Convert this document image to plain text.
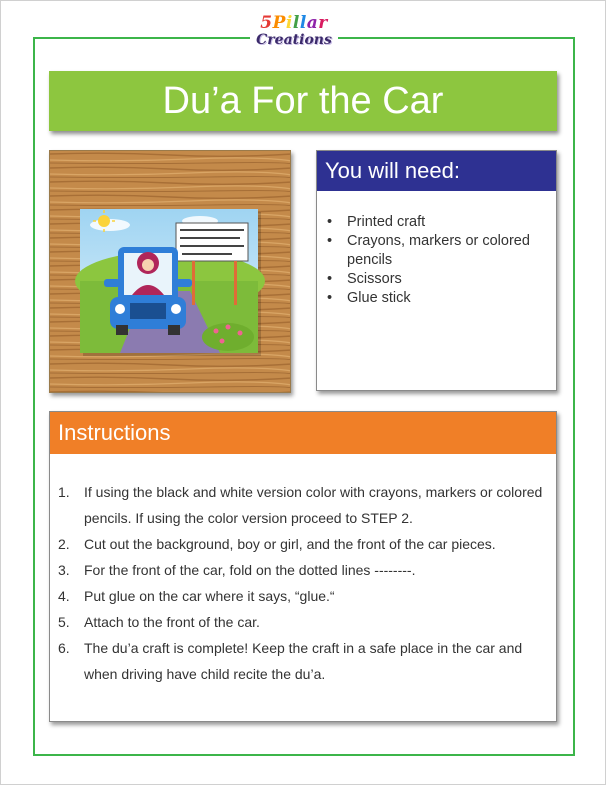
5Pillar
Creations
Du’a For the Car
You will need:
• Printed craft
• Crayons, markers or colored pencils
• Scissors
• Glue stick
Instructions
1. If using the black and white version color with crayons, markers or colored pencils. If using the color version proceed to STEP 2.
2. Cut out the background, boy or girl, and the front of the car pieces.
3. For the front of the car, fold on the dotted lines --------.
4. Put glue on the car where it says, “glue.“
5. Attach to the front of the car.
6. The du’a craft is complete! Keep the craft in a safe place in the car and when driving have child recite the du’a.
